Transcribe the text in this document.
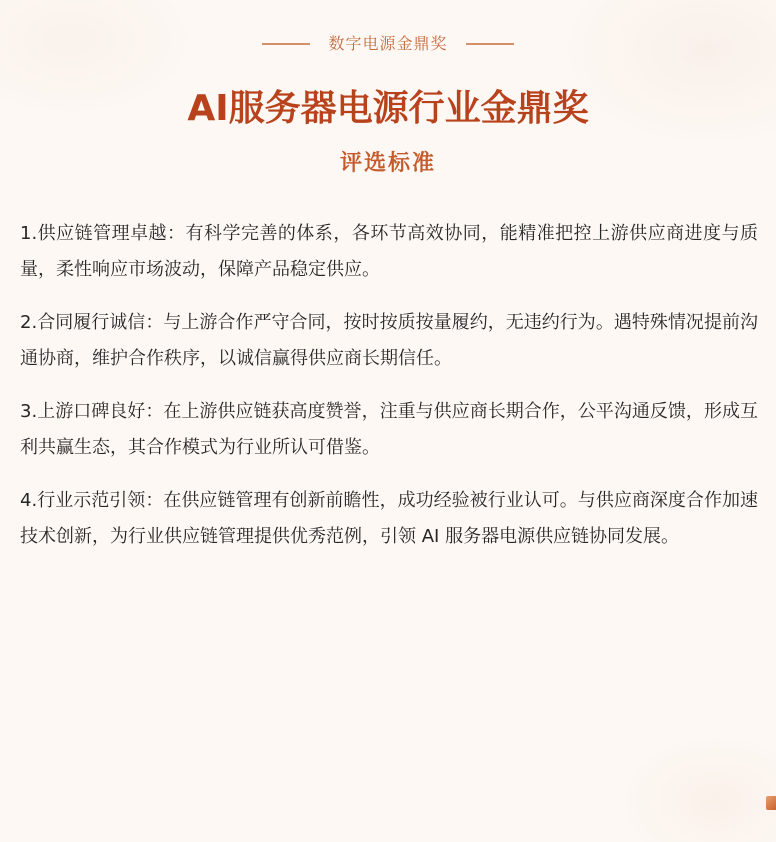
数字电源金鼎奖
AI服务器电源行业金鼎奖
评选标准

1.供应链管理卓越：有科学完善的体系，各环节高效协同，能精准把控上游供应商进度与质量，柔性响应市场波动，保障产品稳定供应。

2.合同履行诚信：与上游合作严守合同，按时按质按量履约，无违约行为。遇特殊情况提前沟通协商，维护合作秩序，以诚信赢得供应商长期信任。

3.上游口碑良好：在上游供应链获高度赞誉，注重与供应商长期合作，公平沟通反馈，形成互利共赢生态，其合作模式为行业所认可借鉴。

4.行业示范引领：在供应链管理有创新前瞻性，成功经验被行业认可。与供应商深度合作加速技术创新，为行业供应链管理提供优秀范例，引领 AI 服务器电源供应链协同发展。
